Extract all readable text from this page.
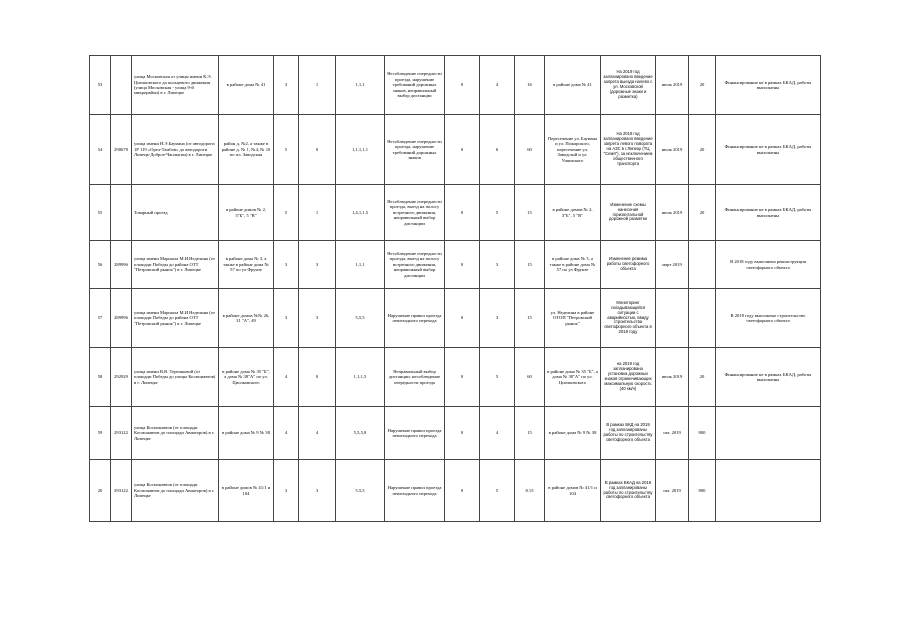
53		улица Московская от улицы имени К.Э. Циолковского до кольцевого движения (улица Московская - улица 9-й микрорайон) в г. Липецке	в районе дома № 41	3	1	1,1,1	Несоблюдение очередности проезда, нарушение требований дорожных знаков, неправильный выбор дистанции	0	4	16	в районе дома № 41	На 2019 год запланировано введение запрета выезда налево с ул. Московской (дорожные знаки и разметка)	июль 2019	20	Финансирование не в рамках БКАД, работы выполнены
54	290678	улица имени Н.Э.Баумана (от автодороги 1Р 119 «Орел-Тамбов» до автодороги Липецк-Доброе-Чаплыгин) в г. Липецке	район д. №2, а также в районе д. № 1, №4, № 10 по пл. Заводская	5	0	1,1,1,1,1	Несоблюдение очередности проезда, нарушение требований дорожных знаков	0	6	60	Пересечение ул. Баумана и ул. Пожарского, пересечение ул. Заводской и ул. Ушинского	На 2019 год запланировано введение запрета левого поворота на АЗС в г.Липецк (ТЦ "Семя"), за исключением общественного транспорта	июль 2019	20	Финансирование не в рамках БКАД, работы выполнены
55		Товарный проезд	в районе домов № 2, 3"Б", 5 "В"	5	1	1,4,1,1,5	Несоблюдение очередности проезда, выезд на полосу встречного движения, неправильный выбор дистанции	0	5	15	в районе домов № 2, 3"Б", 5 "В"	Изменение схемы нанесения горизонтальной дорожной разметки	июль 2019	20	Финансирование не в рамках БКАД, работы выполнены
56	289996	улица имени Маршала М.И.Неделина (от площади Победы до района ОТТ "Петровский рынок") в г. Липецке	в районе дома № 3, а также в районе дома № 57 по ул Фрунзе	3	3	1,1,1	Несоблюдение очередности проезда, выезд на полосу встречного движения, неправильный выбор дистанции	0	3	15	в районе дома № 3, а также в районе дома № 57 по ул Фрунзе	Изменение режима работы светофорного объекта	март 2019		В 2018 году выполнена реконструкция светофорного объекта
57	289996	улица имени Маршала М.И.Неделина (от площади Победы до района ОТТ "Петровский рынок") в г. Липецке	в районе домов №№ 26, 31 "А", 49	3	3	5,5,5	Нарушение правил проезда пешеходного перехода	0	3	15	ул. Неделина в районе ОТОП "Петровский рынок"	Мониторинг складывающейся ситуации с аварийностью, ввиду строительства светофорного объекта в 2018 году			В 2018 году выполнено строительство светофорного объекта
58	292929	улица имени В.В. Терешковой (от площади Победы до улицы Космонавтов) в г. Липецке	в районе дома № 35 "Б", а дома № 38"А" по ул. Циолковского	4	0	1,1,1,5	Неправильный выбор дистанции, несоблюдение очередности проезда	0	5	60	в районе дома № 35 "Б", а дома № 38"А" по ул. Циолковского	на 2019 год запланирована установка дорожных знаков ограничивающих максимальную скорость (40 км/ч)	июль 2019	20	Финансирование не в рамках БКАД, работы выполнены
59	293122	улица Космонавтов (от площади Космонавтов до площади Авиаторов) в г. Липецке	в районе дома № 9 № 38	4	4	5,5,5,8	Нарушение правил проезда пешеходного перехода	0	4	15	в районе дома № 9 № 38	В рамках БКД на 2019 год запланированы работы по строительству светофорного объекта	окт. 2019	800	
20	293122	улица Космонавтов (от площади Космонавтов до площади Авиаторов) в г. Липецке	в районе домов № 41/1 и 104	3	3	5,5,5	Нарушение правил проезда пешеходного перехода	0	5	8.15	в районе домов № 41/1 и 104	В рамках БКАД на 2019 год запланированы работы по строительству светофорного объекта	окт. 2019	800	
